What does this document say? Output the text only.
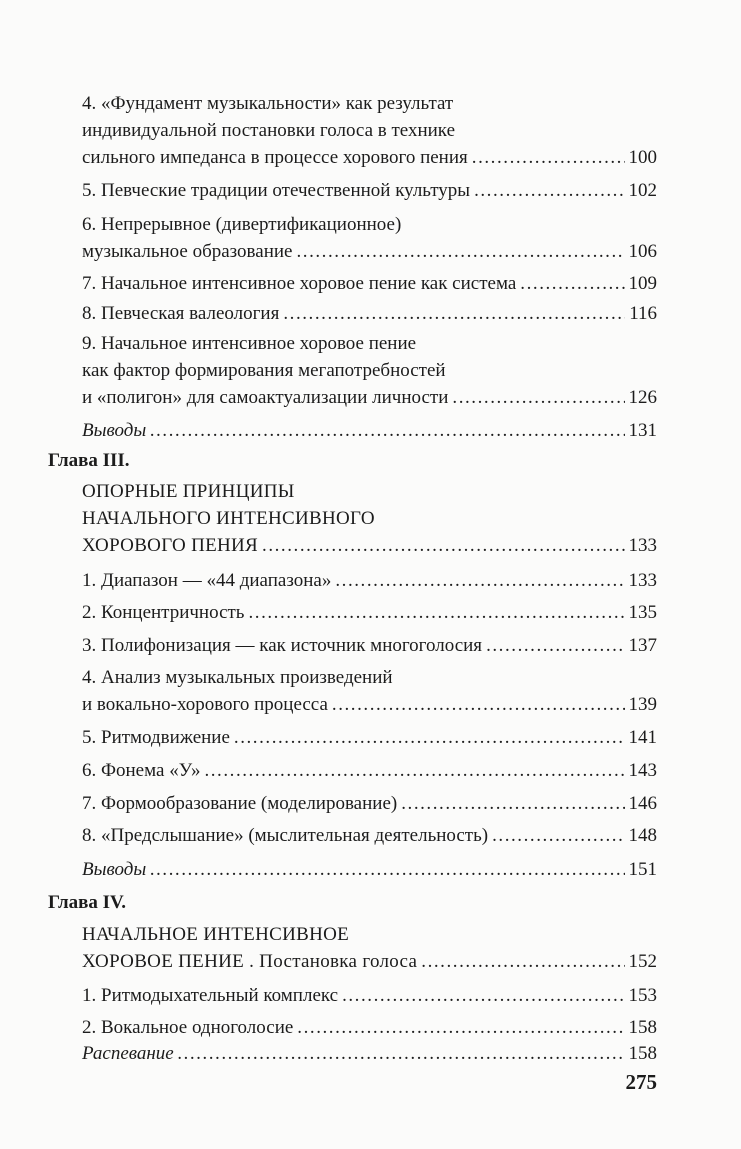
4. «Фундамент музыкальности» как результат
индивидуальной постановки голоса в технике
сильного импеданса в процессе хорового пения . . .	100
5. Певческие традиции отечественной культуры . . .	102
6. Непрерывное (дивертификационное)
музыкальное образование . . .	106
7. Начальное интенсивное хоровое пение как система . . .	109
8. Певческая валеология . . .	116
9. Начальное интенсивное хоровое пение
как фактор формирования мегапотребностей
и «полигон» для самоактуализации личности . . .	126
Выводы . . .	131
Глава III.
ОПОРНЫЕ ПРИНЦИПЫ
НАЧАЛЬНОГО ИНТЕНСИВНОГО
ХОРОВОГО ПЕНИЯ . . .	133
1. Диапазон — «44 диапазона» . . .	133
2. Концентричность . . .	135
3. Полифонизация — как источник многоголосия . . .	137
4. Анализ музыкальных произведений
и вокально-хорового процесса . . .	139
5. Ритмодвижение . . .	141
6. Фонема «У» . . .	143
7. Формообразование (моделирование) . . .	146
8. «Предслышание» (мыслительная деятельность) . . .	148
Выводы . . .	151
Глава IV.
НАЧАЛЬНОЕ ИНТЕНСИВНОЕ
ХОРОВОЕ ПЕНИЕ . Постановка голоса . . .	152
1. Ритмодыхательный комплекс . . .	153
2. Вокальное одноголосие . . .	158
Распевание . . .	158
275
